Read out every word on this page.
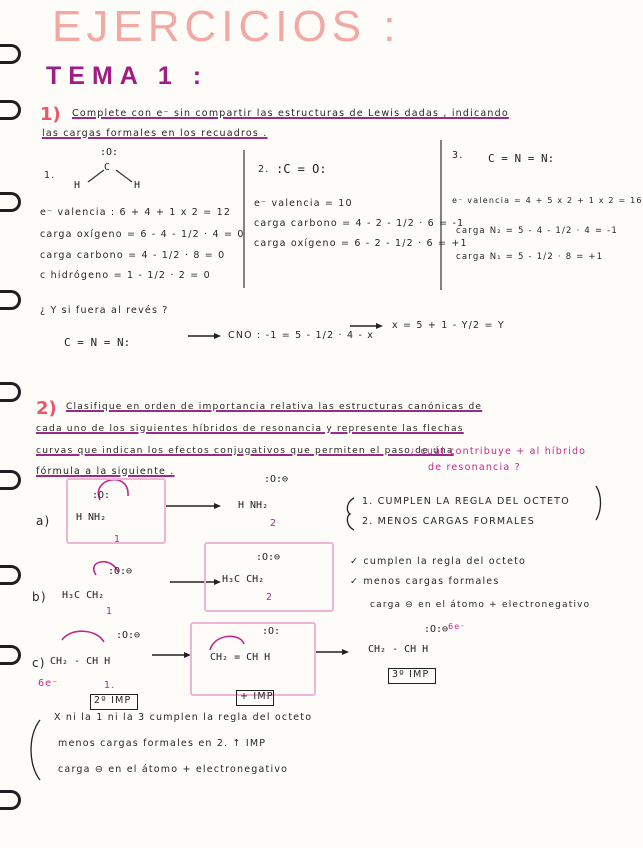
EJERCICIOS :
TEMA 1 :
1) Complete con e⁻ sin compartir las estructuras de Lewis dadas , indicando
las cargas formales en los recuadros .
1.
:O:
C
H	H
e⁻ valencia : 6 + 4 + 1 x 2 = 12
carga oxígeno = 6 - 4 - 1/2 · 4 = 0
carga carbono = 4 - 1/2 · 8 = 0
c hidrógeno = 1 - 1/2 · 2 = 0
2. :C = O:
e⁻ valencia = 10
carga carbono = 4 - 2 - 1/2 · 6 = -1
carga oxígeno = 6 - 2 - 1/2 · 6 = +1
3. C = N = N:
e⁻ valencia = 4 + 5 x 2 + 1 x 2 = 16
carga N₂ = 5 - 4 - 1/2 · 4 = -1
carga N₁ = 5 - 1/2 · 8 = +1
¿ Y si fuera al revés ?
C = N = N:
CNO : -1 = 5 - 1/2 · 4 - x
x = 5 + 1 - Y/2 = Y
2) Clasifique en orden de importancia relativa las estructuras canónicas de
cada uno de los siguientes híbridos de resonancia y represente las flechas
curvas que indican los efectos conjugativos que permiten el paso de una
fórmula a la siguiente .
¿ cuál contribuye + al híbrido
de resonancia ?
a)
:O:
H NH₂
1
:O:⊖
H NH₂
2
1. CUMPLEN LA REGLA DEL OCTETO
2. MENOS CARGAS FORMALES
b)
:O:⊖
H₃C CH₂
1
:O:⊖
H₃C CH₂
2
✓ cumplen la regla del octeto
✓ menos cargas formales
carga ⊖ en el átomo + electronegativo
c)
:O:⊖
CH₂ - CH H
6e⁻	1.
2º IMP
:O:
CH₂ = CH H
+ IMP
:O:⊖ 6e⁻
CH₂ - CH H
3º IMP
X ni la 1 ni la 3 cumplen la regla del octeto
menos cargas formales en 2. ↑ IMP
carga ⊖ en el átomo + electronegativo
